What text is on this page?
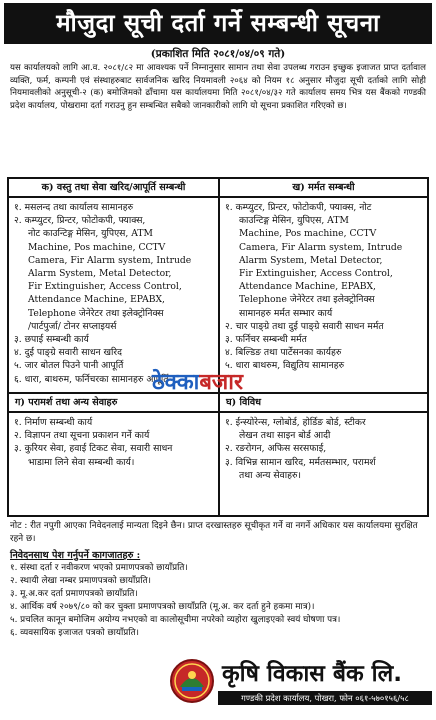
मौजुदा सूची दर्ता गर्ने सम्बन्धी सूचना
(प्रकाशित मिति २०८१/०४/०९ गते)
यस कार्यालयको लागि आ.व. २०८१/८२ मा आवश्यक पर्ने निम्नानुसार सामान तथा सेवा उपलब्ध गराउन इच्छुक इजाजत प्राप्त दर्तावाल व्यक्ति, फर्म, कम्पनी एवं संस्थाहरुबाट सार्वजनिक खरिद नियमावली २०६४ को नियम १८ अनुसार मौजुदा सूची दर्ताको लागि सोही नियमावलीको अनुसूची-२ (क) बमोजिमको ढाँचामा यस कार्यालयमा मिति २०८१/०४/३२ गते कार्यालय समय भित्र यस बैंकको गण्डकी प्रदेश कार्यालय, पोखरामा दर्ता गराउनु हुन सम्बन्धित सबैको जानकारीको लागि यो सूचना प्रकाशित गरिएको छ।
क) वस्तु तथा सेवा खरिद/आपूर्ति सम्बन्धी
१. मसलन्द तथा कार्यालय सामानहरु
२. कम्प्युटर, प्रिन्टर, फोटोकपी, फ्याक्स,
नोट काउन्टिङ्ग मेसिन, युपिएस, ATM
Machine, Pos machine, CCTV
Camera, Fir Alarm system, Intrude
Alarm System, Metal Detector,
Fir Extinguisher, Access Control,
Attendance Machine, EPABX,
Telephone जेनेरेटर तथा इलेक्ट्रोनिक्स
/पार्टपुर्जा/ टोनर सप्लाइयर्स
३. छपाई सम्बन्धी कार्य
४. दुई पाङ्ग्रे सवारी साधन खरिद
५. जार बोतल पिउने पानी आपूर्ति
६. धारा, बाथरुम, फर्निचरका सामानहरु आपूर्ति
ख) मर्मत सम्बन्धी
१. कम्प्युटर, प्रिन्टर, फोटोकपी, फ्याक्स, नोट
काउन्टिङ्ग मेसिन, युपिएस, ATM
Machine, Pos machine, CCTV
Camera, Fir Alarm system, Intrude
Alarm System, Metal Detector,
Fir Extinguisher, Access Control,
Attendance Machine, EPABX,
Telephone जेनेरेटर तथा इलेक्ट्रोनिक्स
सामानहरु मर्मत सम्भार कार्य
२. चार पाङ्ग्रे तथा दुई पाङ्ग्रे सवारी साधन मर्मत
३. फर्निचर सम्बन्धी मर्मत
४. बिल्डिङ तथा पार्टेसनका कार्यहरु
५. धारा बाथरुम, विद्युतिय सामानहरु
ग) परामर्श तथा अन्य सेवाहरु
१. निर्माण सम्बन्धी कार्य
२. विज्ञापन तथा सूचना प्रकाशन गर्ने कार्य
३. कुरियर सेवा, हवाई टिकट सेवा, सवारी साधन
भाडामा लिने सेवा सम्बन्धी कार्य।
घ) विविध
१. ईन्स्योरेन्स, ग्लोबोर्ड, होर्डिङ बोर्ड, स्टीकर
लेखन तथा साइन बोर्ड आदी
२. रङरोगन, अफिस सरसफाई,
३. विभिन्न सामान खरिद, मर्मतसम्भार, परामर्श
तथा अन्य सेवाहरु।
ठेक्काबजार
नोट : रीत नपुगी आएका निवेदनलाई मान्यता दिइने छैन। प्राप्त दरखास्तहरु सूचीकृत गर्ने वा नगर्ने अधिकार यस कार्यालयमा सुरक्षित रहने छ।
निवेदनसाथ पेश गर्नुपर्ने कागजातहरु :
१. संस्था दर्ता र नवीकरण भएको प्रमाणपत्रको छायाँप्रति।
२. स्थायी लेखा नम्बर प्रमाणपत्रको छायाँप्रति।
३. मू.अ.कर दर्ता प्रमाणपत्रको छायाँप्रति।
४. आर्थिक वर्ष २०७९/८० को कर चुक्ता प्रमाणपत्रको छायाँप्रति (मू.अ. कर दर्ता हुने हकमा मात्र)।
५. प्रचलित कानून बमोजिम अयोग्य नभएको वा कालोसूचीमा नपरेको व्यहोरा खुलाइएको स्वयं घोषणा पत्र।
६. व्यवसायिक इजाजत पत्रको छायाँप्रति।
कृषि विकास बैंक लि.
गण्डकी प्रदेश कार्यालय, पोखरा, फोन ०६१-५७०१५६/५८
